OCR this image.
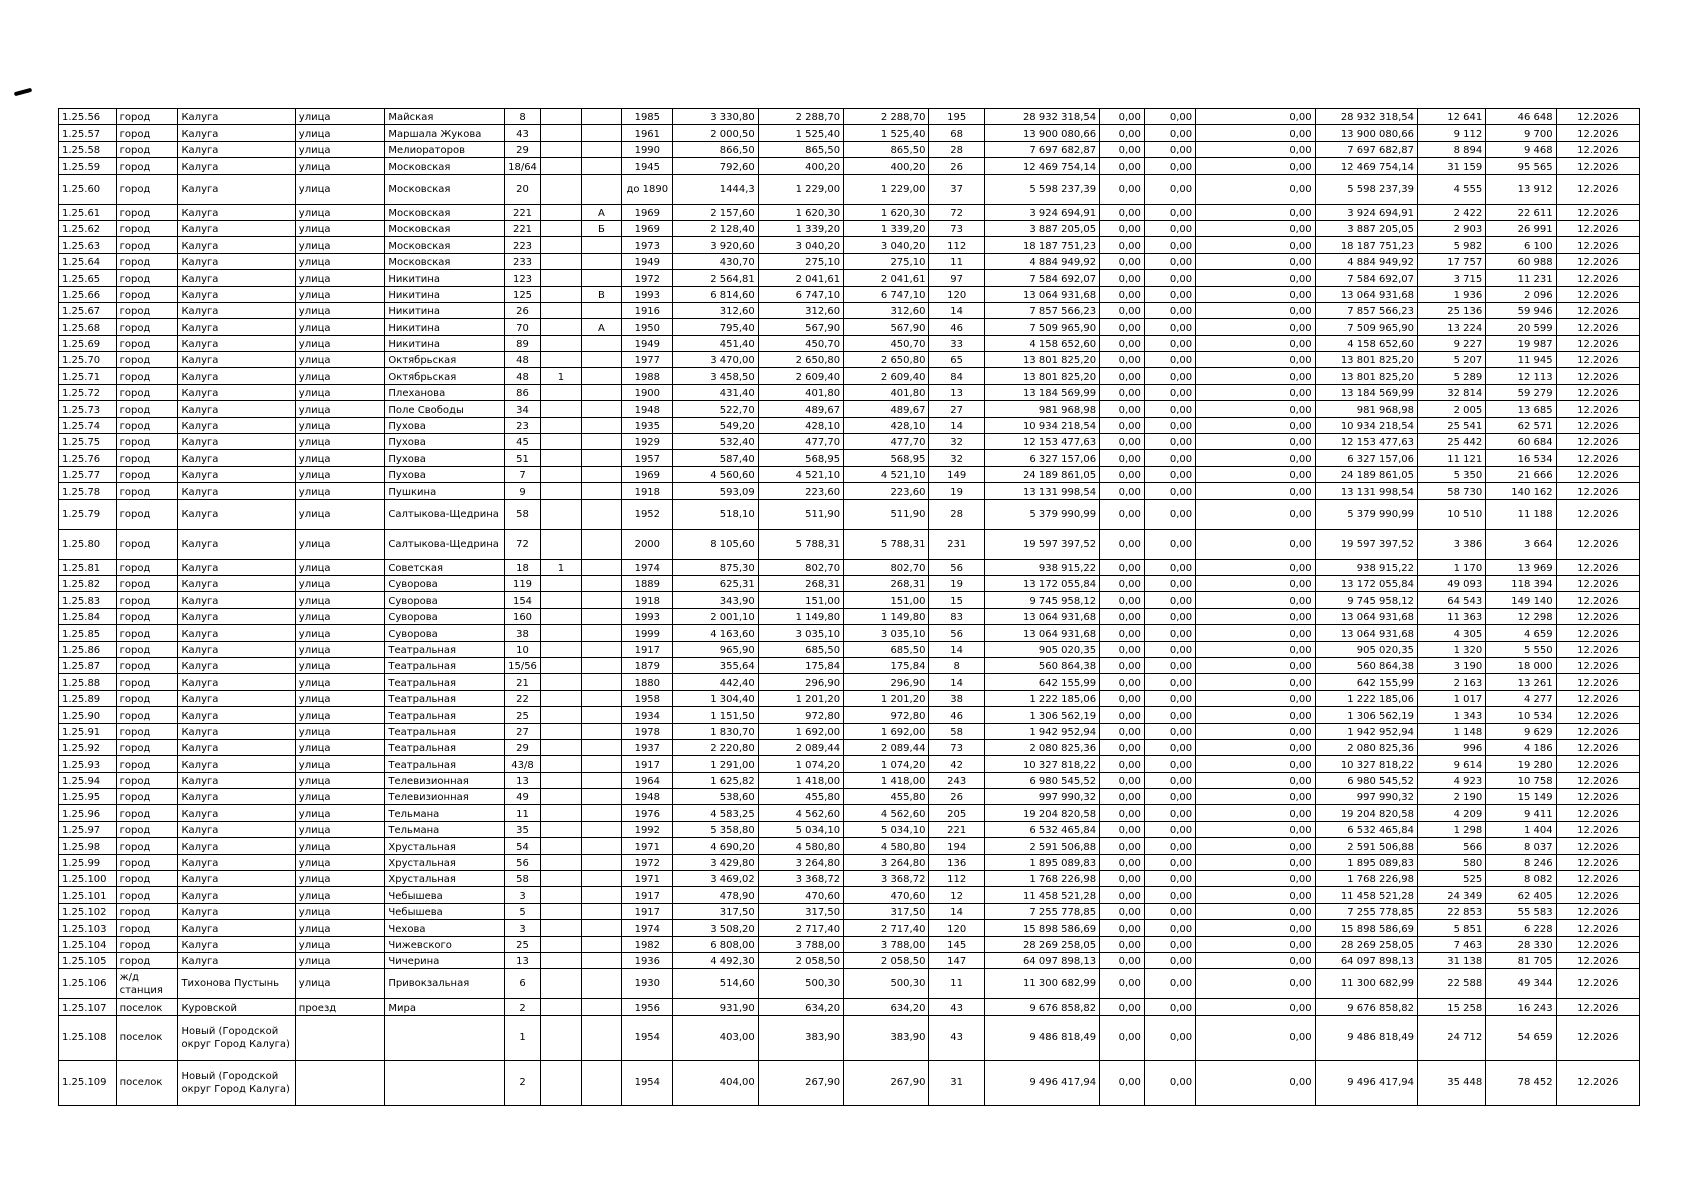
1.25.56	город	Калуга	улица	Майская	8			1985	3 330,80	2 288,70	2 288,70	195	28 932 318,54	0,00	0,00	0,00	28 932 318,54	12 641	46 648	12.2026
1.25.57	город	Калуга	улица	Маршала Жукова	43			1961	2 000,50	1 525,40	1 525,40	68	13 900 080,66	0,00	0,00	0,00	13 900 080,66	9 112	9 700	12.2026
1.25.58	город	Калуга	улица	Мелиораторов	29			1990	866,50	865,50	865,50	28	7 697 682,87	0,00	0,00	0,00	7 697 682,87	8 894	9 468	12.2026
1.25.59	город	Калуга	улица	Московская	18/64			1945	792,60	400,20	400,20	26	12 469 754,14	0,00	0,00	0,00	12 469 754,14	31 159	95 565	12.2026
1.25.60	город	Калуга	улица	Московская	20			до 1890	1444,3	1 229,00	1 229,00	37	5 598 237,39	0,00	0,00	0,00	5 598 237,39	4 555	13 912	12.2026
1.25.61	город	Калуга	улица	Московская	221		А	1969	2 157,60	1 620,30	1 620,30	72	3 924 694,91	0,00	0,00	0,00	3 924 694,91	2 422	22 611	12.2026
1.25.62	город	Калуга	улица	Московская	221		Б	1969	2 128,40	1 339,20	1 339,20	73	3 887 205,05	0,00	0,00	0,00	3 887 205,05	2 903	26 991	12.2026
1.25.63	город	Калуга	улица	Московская	223			1973	3 920,60	3 040,20	3 040,20	112	18 187 751,23	0,00	0,00	0,00	18 187 751,23	5 982	6 100	12.2026
1.25.64	город	Калуга	улица	Московская	233			1949	430,70	275,10	275,10	11	4 884 949,92	0,00	0,00	0,00	4 884 949,92	17 757	60 988	12.2026
1.25.65	город	Калуга	улица	Никитина	123			1972	2 564,81	2 041,61	2 041,61	97	7 584 692,07	0,00	0,00	0,00	7 584 692,07	3 715	11 231	12.2026
1.25.66	город	Калуга	улица	Никитина	125		В	1993	6 814,60	6 747,10	6 747,10	120	13 064 931,68	0,00	0,00	0,00	13 064 931,68	1 936	2 096	12.2026
1.25.67	город	Калуга	улица	Никитина	26			1916	312,60	312,60	312,60	14	7 857 566,23	0,00	0,00	0,00	7 857 566,23	25 136	59 946	12.2026
1.25.68	город	Калуга	улица	Никитина	70		А	1950	795,40	567,90	567,90	46	7 509 965,90	0,00	0,00	0,00	7 509 965,90	13 224	20 599	12.2026
1.25.69	город	Калуга	улица	Никитина	89			1949	451,40	450,70	450,70	33	4 158 652,60	0,00	0,00	0,00	4 158 652,60	9 227	19 987	12.2026
1.25.70	город	Калуга	улица	Октябрьская	48			1977	3 470,00	2 650,80	2 650,80	65	13 801 825,20	0,00	0,00	0,00	13 801 825,20	5 207	11 945	12.2026
1.25.71	город	Калуга	улица	Октябрьская	48	1		1988	3 458,50	2 609,40	2 609,40	84	13 801 825,20	0,00	0,00	0,00	13 801 825,20	5 289	12 113	12.2026
1.25.72	город	Калуга	улица	Плеханова	86			1900	431,40	401,80	401,80	13	13 184 569,99	0,00	0,00	0,00	13 184 569,99	32 814	59 279	12.2026
1.25.73	город	Калуга	улица	Поле Свободы	34			1948	522,70	489,67	489,67	27	981 968,98	0,00	0,00	0,00	981 968,98	2 005	13 685	12.2026
1.25.74	город	Калуга	улица	Пухова	23			1935	549,20	428,10	428,10	14	10 934 218,54	0,00	0,00	0,00	10 934 218,54	25 541	62 571	12.2026
1.25.75	город	Калуга	улица	Пухова	45			1929	532,40	477,70	477,70	32	12 153 477,63	0,00	0,00	0,00	12 153 477,63	25 442	60 684	12.2026
1.25.76	город	Калуга	улица	Пухова	51			1957	587,40	568,95	568,95	32	6 327 157,06	0,00	0,00	0,00	6 327 157,06	11 121	16 534	12.2026
1.25.77	город	Калуга	улица	Пухова	7			1969	4 560,60	4 521,10	4 521,10	149	24 189 861,05	0,00	0,00	0,00	24 189 861,05	5 350	21 666	12.2026
1.25.78	город	Калуга	улица	Пушкина	9			1918	593,09	223,60	223,60	19	13 131 998,54	0,00	0,00	0,00	13 131 998,54	58 730	140 162	12.2026
1.25.79	город	Калуга	улица	Салтыкова-Щедрина	58			1952	518,10	511,90	511,90	28	5 379 990,99	0,00	0,00	0,00	5 379 990,99	10 510	11 188	12.2026
1.25.80	город	Калуга	улица	Салтыкова-Щедрина	72			2000	8 105,60	5 788,31	5 788,31	231	19 597 397,52	0,00	0,00	0,00	19 597 397,52	3 386	3 664	12.2026
1.25.81	город	Калуга	улица	Советская	18	1		1974	875,30	802,70	802,70	56	938 915,22	0,00	0,00	0,00	938 915,22	1 170	13 969	12.2026
1.25.82	город	Калуга	улица	Суворова	119			1889	625,31	268,31	268,31	19	13 172 055,84	0,00	0,00	0,00	13 172 055,84	49 093	118 394	12.2026
1.25.83	город	Калуга	улица	Суворова	154			1918	343,90	151,00	151,00	15	9 745 958,12	0,00	0,00	0,00	9 745 958,12	64 543	149 140	12.2026
1.25.84	город	Калуга	улица	Суворова	160			1993	2 001,10	1 149,80	1 149,80	83	13 064 931,68	0,00	0,00	0,00	13 064 931,68	11 363	12 298	12.2026
1.25.85	город	Калуга	улица	Суворова	38			1999	4 163,60	3 035,10	3 035,10	56	13 064 931,68	0,00	0,00	0,00	13 064 931,68	4 305	4 659	12.2026
1.25.86	город	Калуга	улица	Театральная	10			1917	965,90	685,50	685,50	14	905 020,35	0,00	0,00	0,00	905 020,35	1 320	5 550	12.2026
1.25.87	город	Калуга	улица	Театральная	15/56			1879	355,64	175,84	175,84	8	560 864,38	0,00	0,00	0,00	560 864,38	3 190	18 000	12.2026
1.25.88	город	Калуга	улица	Театральная	21			1880	442,40	296,90	296,90	14	642 155,99	0,00	0,00	0,00	642 155,99	2 163	13 261	12.2026
1.25.89	город	Калуга	улица	Театральная	22			1958	1 304,40	1 201,20	1 201,20	38	1 222 185,06	0,00	0,00	0,00	1 222 185,06	1 017	4 277	12.2026
1.25.90	город	Калуга	улица	Театральная	25			1934	1 151,50	972,80	972,80	46	1 306 562,19	0,00	0,00	0,00	1 306 562,19	1 343	10 534	12.2026
1.25.91	город	Калуга	улица	Театральная	27			1978	1 830,70	1 692,00	1 692,00	58	1 942 952,94	0,00	0,00	0,00	1 942 952,94	1 148	9 629	12.2026
1.25.92	город	Калуга	улица	Театральная	29			1937	2 220,80	2 089,44	2 089,44	73	2 080 825,36	0,00	0,00	0,00	2 080 825,36	996	4 186	12.2026
1.25.93	город	Калуга	улица	Театральная	43/8			1917	1 291,00	1 074,20	1 074,20	42	10 327 818,22	0,00	0,00	0,00	10 327 818,22	9 614	19 280	12.2026
1.25.94	город	Калуга	улица	Телевизионная	13			1964	1 625,82	1 418,00	1 418,00	243	6 980 545,52	0,00	0,00	0,00	6 980 545,52	4 923	10 758	12.2026
1.25.95	город	Калуга	улица	Телевизионная	49			1948	538,60	455,80	455,80	26	997 990,32	0,00	0,00	0,00	997 990,32	2 190	15 149	12.2026
1.25.96	город	Калуга	улица	Тельмана	11			1976	4 583,25	4 562,60	4 562,60	205	19 204 820,58	0,00	0,00	0,00	19 204 820,58	4 209	9 411	12.2026
1.25.97	город	Калуга	улица	Тельмана	35			1992	5 358,80	5 034,10	5 034,10	221	6 532 465,84	0,00	0,00	0,00	6 532 465,84	1 298	1 404	12.2026
1.25.98	город	Калуга	улица	Хрустальная	54			1971	4 690,20	4 580,80	4 580,80	194	2 591 506,88	0,00	0,00	0,00	2 591 506,88	566	8 037	12.2026
1.25.99	город	Калуга	улица	Хрустальная	56			1972	3 429,80	3 264,80	3 264,80	136	1 895 089,83	0,00	0,00	0,00	1 895 089,83	580	8 246	12.2026
1.25.100	город	Калуга	улица	Хрустальная	58			1971	3 469,02	3 368,72	3 368,72	112	1 768 226,98	0,00	0,00	0,00	1 768 226,98	525	8 082	12.2026
1.25.101	город	Калуга	улица	Чебышева	3			1917	478,90	470,60	470,60	12	11 458 521,28	0,00	0,00	0,00	11 458 521,28	24 349	62 405	12.2026
1.25.102	город	Калуга	улица	Чебышева	5			1917	317,50	317,50	317,50	14	7 255 778,85	0,00	0,00	0,00	7 255 778,85	22 853	55 583	12.2026
1.25.103	город	Калуга	улица	Чехова	3			1974	3 508,20	2 717,40	2 717,40	120	15 898 586,69	0,00	0,00	0,00	15 898 586,69	5 851	6 228	12.2026
1.25.104	город	Калуга	улица	Чижевского	25			1982	6 808,00	3 788,00	3 788,00	145	28 269 258,05	0,00	0,00	0,00	28 269 258,05	7 463	28 330	12.2026
1.25.105	город	Калуга	улица	Чичерина	13			1936	4 492,30	2 058,50	2 058,50	147	64 097 898,13	0,00	0,00	0,00	64 097 898,13	31 138	81 705	12.2026
1.25.106	ж/д станция	Тихонова Пустынь	улица	Привокзальная	6			1930	514,60	500,30	500,30	11	11 300 682,99	0,00	0,00	0,00	11 300 682,99	22 588	49 344	12.2026
1.25.107	поселок	Куровской	проезд	Мира	2			1956	931,90	634,20	634,20	43	9 676 858,82	0,00	0,00	0,00	9 676 858,82	15 258	16 243	12.2026
1.25.108	поселок	Новый (Городской округ Город Калуга)			1			1954	403,00	383,90	383,90	43	9 486 818,49	0,00	0,00	0,00	9 486 818,49	24 712	54 659	12.2026
1.25.109	поселок	Новый (Городской округ Город Калуга)			2			1954	404,00	267,90	267,90	31	9 496 417,94	0,00	0,00	0,00	9 496 417,94	35 448	78 452	12.2026
